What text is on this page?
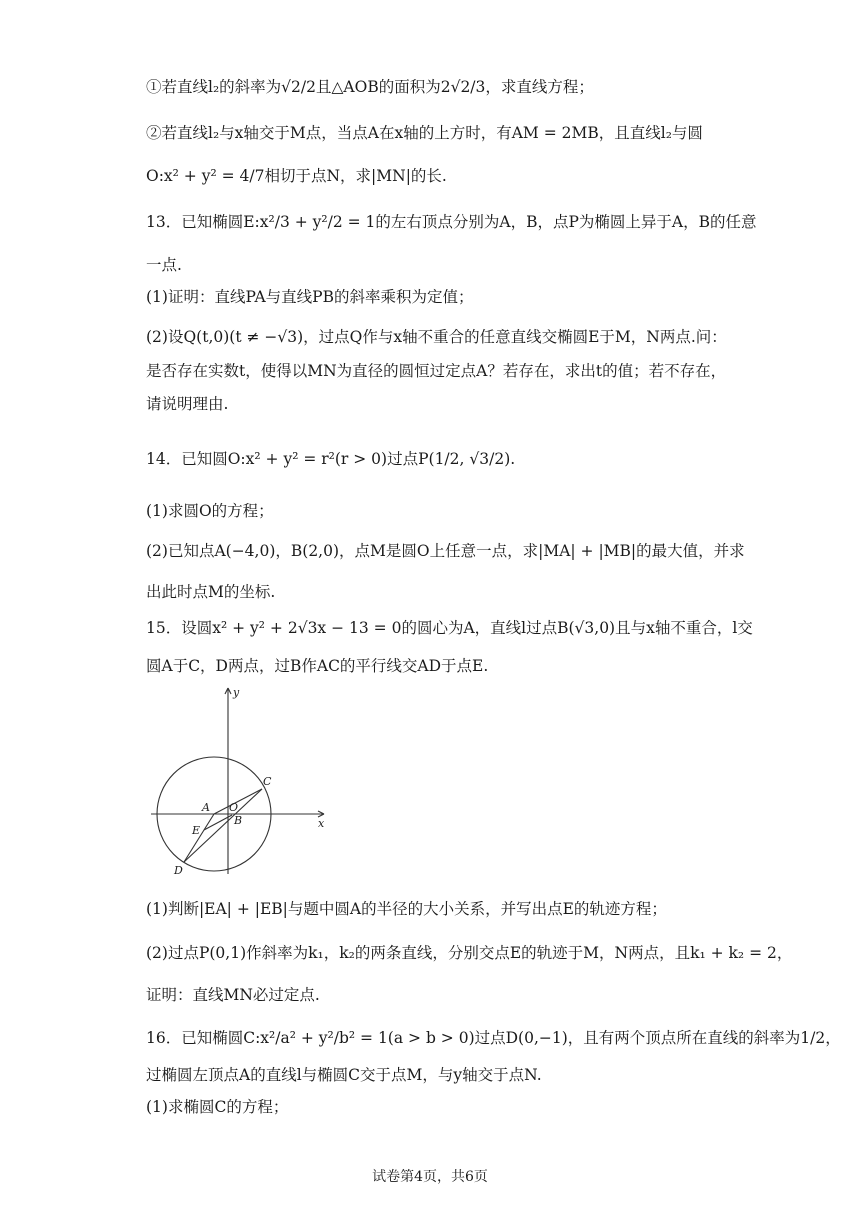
①若直线l₂的斜率为√2/2且△AOB的面积为2√2/3，求直线方程；
②若直线l₂与x轴交于M点，当点A在x轴的上方时，有AM = 2MB，且直线l₂与圆
O:x² + y² = 4/7相切于点N，求|MN|的长.
13．已知椭圆E:x²/3 + y²/2 = 1的左右顶点分别为A，B，点P为椭圆上异于A，B的任意
一点.
(1)证明：直线PA与直线PB的斜率乘积为定值；
(2)设Q(t,0)(t ≠ −√3)，过点Q作与x轴不重合的任意直线交椭圆E于M，N两点.问：
是否存在实数t，使得以MN为直径的圆恒过定点A？若存在，求出t的值；若不存在，
请说明理由.
14．已知圆O:x² + y² = r²(r > 0)过点P(1/2, √3/2).
(1)求圆O的方程；
(2)已知点A(−4,0)，B(2,0)，点M是圆O上任意一点，求|MA| + |MB|的最大值，并求
出此时点M的坐标.
15．设圆x² + y² + 2√3x − 13 = 0的圆心为A，直线l过点B(√3,0)且与x轴不重合，l交
圆A于C，D两点，过B作AC的平行线交AD于点E.
y
x
A O
B
C
E
D
(1)判断|EA| + |EB|与题中圆A的半径的大小关系，并写出点E的轨迹方程；
(2)过点P(0,1)作斜率为k₁，k₂的两条直线，分别交点E的轨迹于M，N两点，且k₁ + k₂ = 2，
证明：直线MN必过定点.
16．已知椭圆C:x²/a² + y²/b² = 1(a > b > 0)过点D(0,−1)，且有两个顶点所在直线的斜率为1/2，
过椭圆左顶点A的直线l与椭圆C交于点M，与y轴交于点N.
(1)求椭圆C的方程；
试卷第4页，共6页
